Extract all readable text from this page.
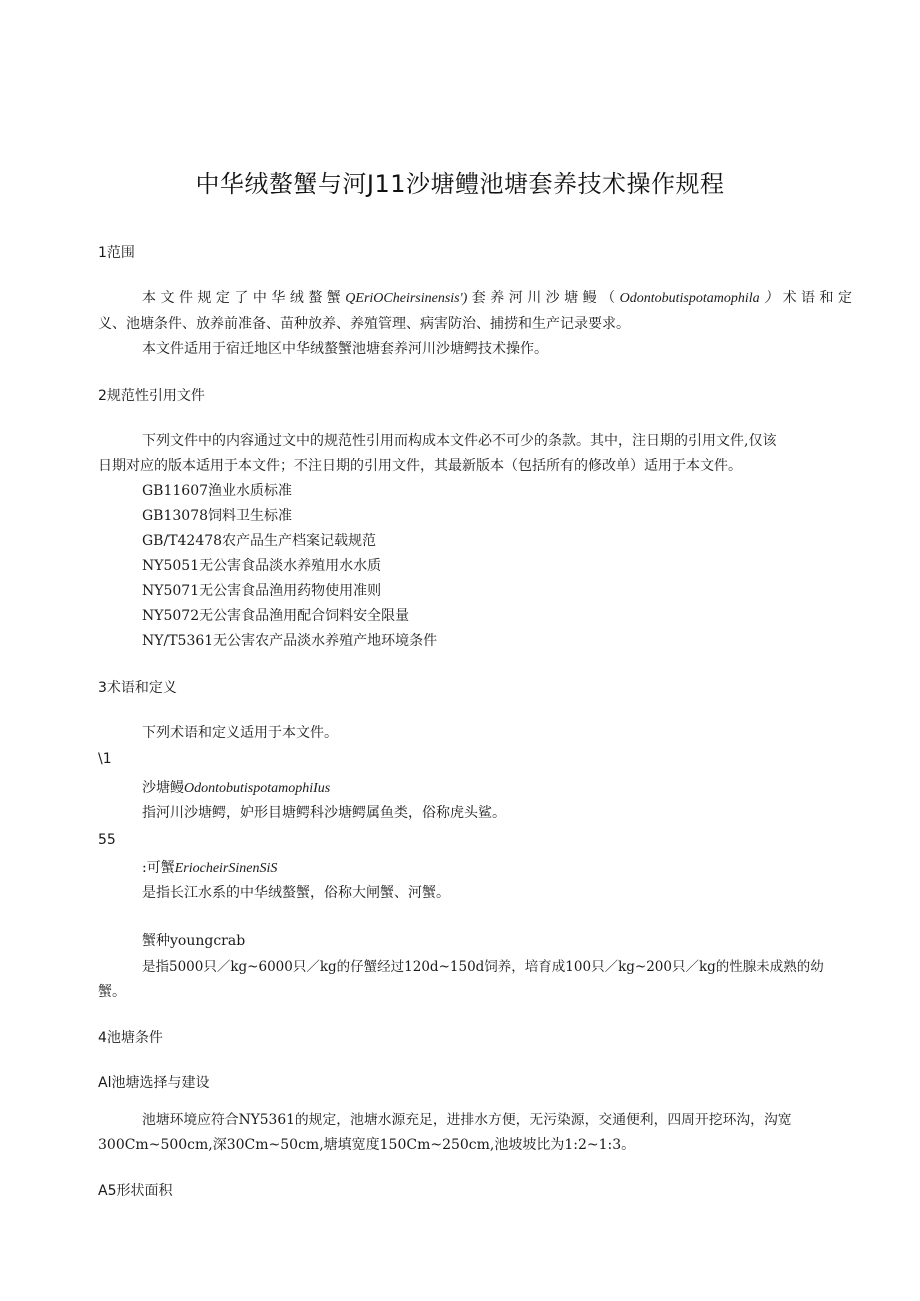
中华绒螯蟹与河J11沙塘鳢池塘套养技术操作规程
1范围
本文件规定了中华绒螯蟹QEriOCheirsinensis')套养河川沙塘鳗（Odontobutispotamophila）术语和定
义、池塘条件、放养前准备、苗种放养、养殖管理、病害防治、捕捞和生产记录要求。
本文件适用于宿迁地区中华绒螯蟹池塘套养河川沙塘鳄技术操作。
2规范性引用文件
下列文件中的内容通过文中的规范性引用而构成本文件必不可少的条款。其中，注日期的引用文件,仅该
日期对应的版本适用于本文件；不注日期的引用文件，其最新版本（包括所有的修改单）适用于本文件。
GB11607渔业水质标准
GB13078饲料卫生标准
GB/T42478农产品生产档案记载规范
NY5051无公害食品淡水养殖用水水质
NY5071无公害食品渔用药物使用准则
NY5072无公害食品渔用配合饲料安全限量
NY/T5361无公害农产品淡水养殖产地环境条件
3术语和定义
下列术语和定义适用于本文件。
\1
沙塘鳗OdontobutispotamophiIus
指河川沙塘鳄，妒形目塘鳄科沙塘鳄属鱼类，俗称虎头鲨。
55
:可蟹EriocheirSinenSiS
是指长江水系的中华绒螯蟹，俗称大闸蟹、河蟹。
蟹种youngcrab
是指5000只／kg~6000只／kg的仔蟹经过120d~150d饲养，培育成100只／kg~200只／kg的性腺未成熟的幼
蟹。
4池塘条件
Al池塘选择与建设
池塘环境应符合NY5361的规定，池塘水源充足，进排水方便，无污染源，交通便利，四周开挖环沟，沟宽
300Cm~500cm,深30Cm~50cm,塘填宽度150Cm~250cm,池坡坡比为1:2~1:3。
A5形状面积
